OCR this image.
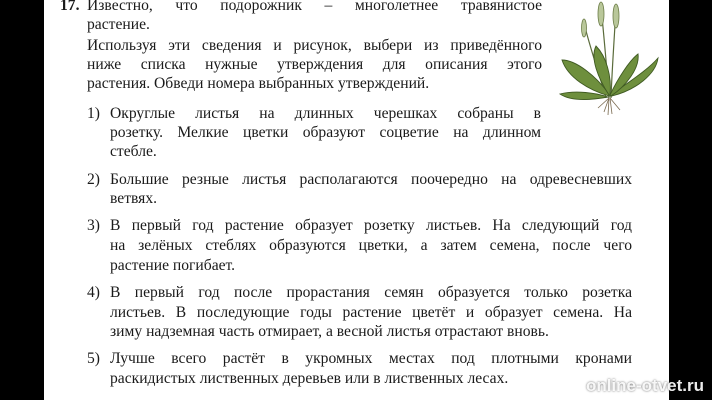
17. Известно, что подорожник – многолетнее травянистое
растение.
Используя эти сведения и рисунок, выбери из приведённого
ниже списка нужные утверждения для описания этого
растения. Обведи номера выбранных утверждений.
1) Округлые листья на длинных черешках собраны в
розетку. Мелкие цветки образуют соцветие на длинном
стебле.
2) Большие резные листья располагаются поочередно на одревесневших
ветвях.
3) В первый год растение образует розетку листьев. На следующий год
на зелёных стеблях образуются цветки, а затем семена, после чего
растение погибает.
4) В первый год после прорастания семян образуется только розетка
листьев. В последующие годы растение цветёт и образует семена. На
зиму надземная часть отмирает, а весной листья отрастают вновь.
5) Лучше всего растёт в укромных местах под плотными кронами
раскидистых лиственных деревьев или в лиственных лесах.	online-otvet.ru
